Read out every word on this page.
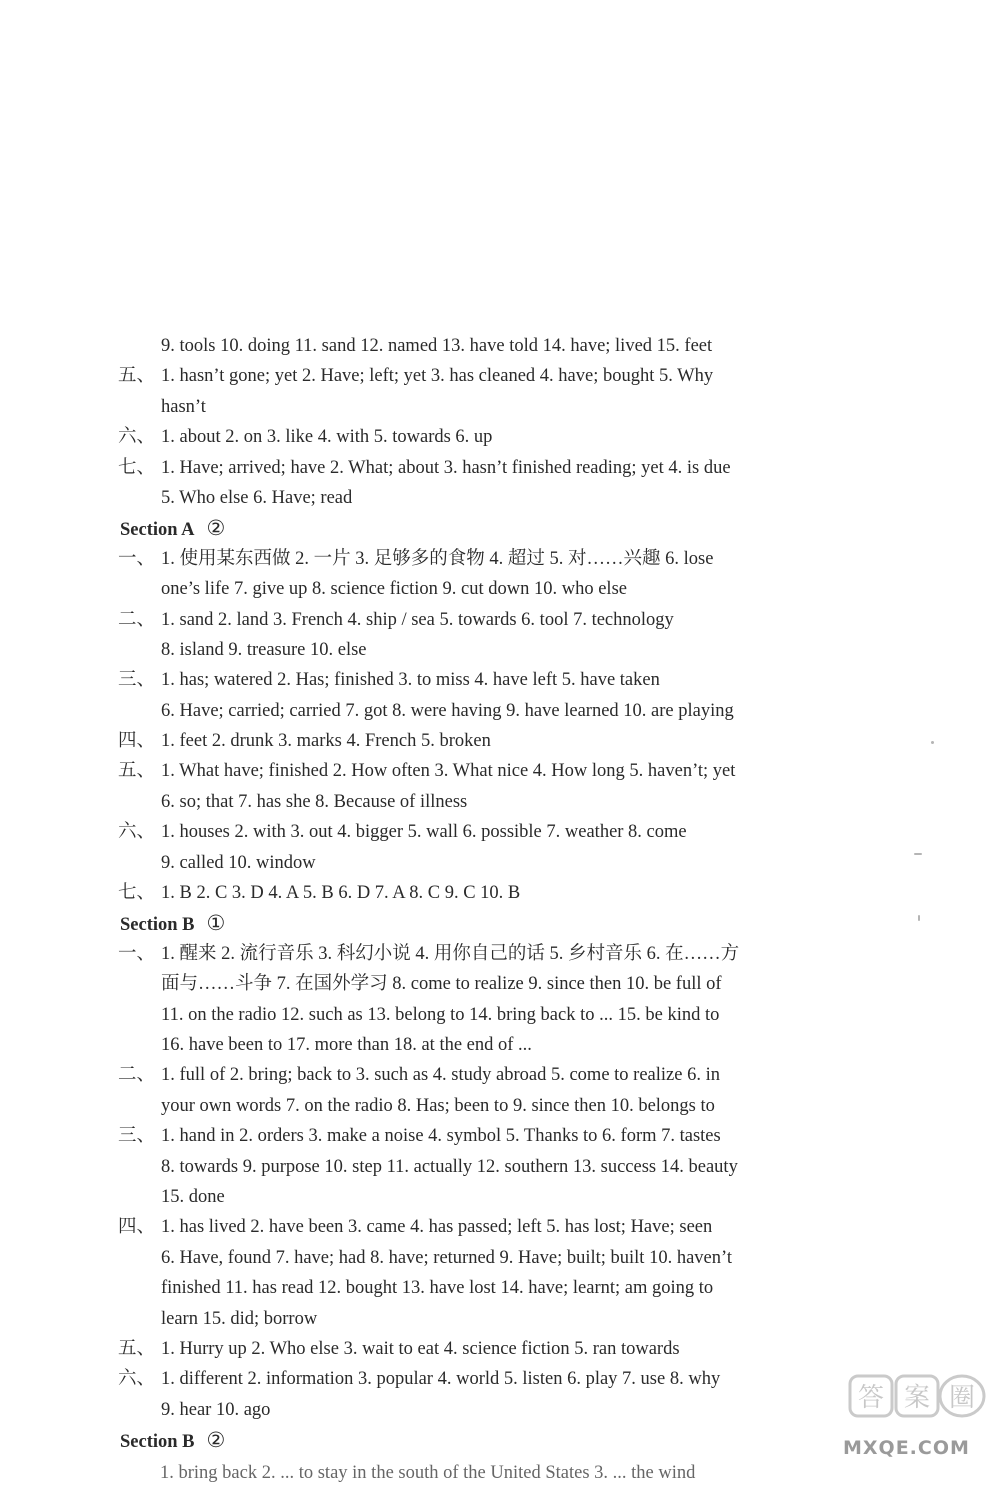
9. tools 10. doing 11. sand 12. named 13. have told 14. have; lived 15. feet
五、 1. hasn’t gone; yet 2. Have; left; yet 3. has cleaned 4. have; bought 5. Why
hasn’t
六、 1. about 2. on 3. like 4. with 5. towards 6. up
七、 1. Have; arrived; have 2. What; about 3. hasn’t finished reading; yet 4. is due
5. Who else 6. Have; read
Section A ②
一、 1. 使用某东西做 2. 一片 3. 足够多的食物 4. 超过 5. 对……兴趣 6. lose
one’s life 7. give up 8. science fiction 9. cut down 10. who else
二、 1. sand 2. land 3. French 4. ship / sea 5. towards 6. tool 7. technology
8. island 9. treasure 10. else
三、 1. has; watered 2. Has; finished 3. to miss 4. have left 5. have taken
6. Have; carried; carried 7. got 8. were having 9. have learned 10. are playing
四、 1. feet 2. drunk 3. marks 4. French 5. broken
五、 1. What have; finished 2. How often 3. What nice 4. How long 5. haven’t; yet
6. so; that 7. has she 8. Because of illness
六、 1. houses 2. with 3. out 4. bigger 5. wall 6. possible 7. weather 8. come
9. called 10. window
七、 1. B 2. C 3. D 4. A 5. B 6. D 7. A 8. C 9. C 10. B
Section B ①
一、 1. 醒来 2. 流行音乐 3. 科幻小说 4. 用你自己的话 5. 乡村音乐 6. 在……方
面与……斗争 7. 在国外学习 8. come to realize 9. since then 10. be full of
11. on the radio 12. such as 13. belong to 14. bring back to ... 15. be kind to
16. have been to 17. more than 18. at the end of ...
二、 1. full of 2. bring; back to 3. such as 4. study abroad 5. come to realize 6. in
your own words 7. on the radio 8. Has; been to 9. since then 10. belongs to
三、 1. hand in 2. orders 3. make a noise 4. symbol 5. Thanks to 6. form 7. tastes
8. towards 9. purpose 10. step 11. actually 12. southern 13. success 14. beauty
15. done
四、 1. has lived 2. have been 3. came 4. has passed; left 5. has lost; Have; seen
6. Have, found 7. have; had 8. have; returned 9. Have; built; built 10. haven’t
finished 11. has read 12. bought 13. have lost 14. have; learnt; am going to
learn 15. did; borrow
五、 1. Hurry up 2. Who else 3. wait to eat 4. science fiction 5. ran towards
六、 1. different 2. information 3. popular 4. world 5. listen 6. play 7. use 8. why
9. hear 10. ago
Section B ②
1. bring back 2. ... to stay in the south of the United States 3. ... the wind
答 案 圈
MXQE.COM
